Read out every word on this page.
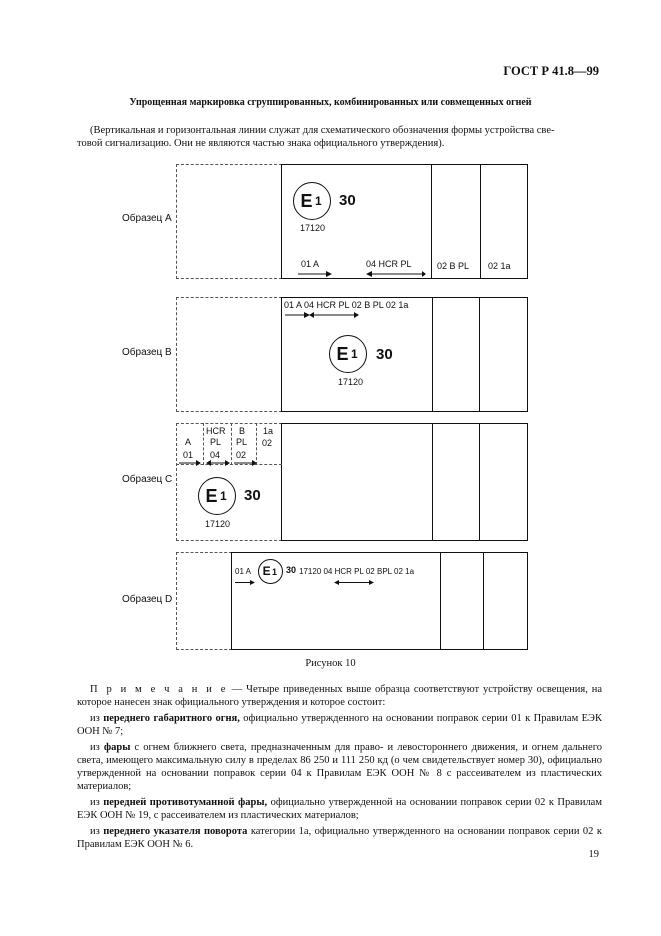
ГОСТ Р 41.8—99
Упрощенная маркировка сгруппированных, комбинированных или совмещенных огней
(Вертикальная и горизонтальная линии служат для схематического обозначения формы устройства све-
товой сигнализацию. Они не являются частью знака официального утверждения).
Образец А
E 1 30
17120
01 A	04 HCR PL	02 B PL 02 1a
Образец В
01 A 04 HCR PL 02 B PL 02 1a
E 1 30
17120
Образец С
A
01
HCR
PL
04
B
PL
02
1a
02
E 1 30
17120
Образец D
01 A E 1 30 17120 04 HCR PL 02 BPL 02 1a
Рисунок 10

П р и м е ч а н и е — Четыре приведенных выше образца соответствуют устройству освещения, на которое нанесен знак официального утверждения и которое состоит:

из переднего габаритного огня, официально утвержденного на основании поправок серии 01 к Правилам ЕЭК ООН № 7;

из фары с огнем ближнего света, предназначенным для право- и левостороннего движения, и огнем дальнего света, имеющего максимальную силу в пределах 86 250 и 111 250 кд (о чем свидетельствует номер 30), официально утвержденной на основании поправок серии 04 к Правилам ЕЭК ООН № 8 с рассеивателем из пластических материалов;

из передней противотуманной фары, официально утвержденной на основании поправок серии 02 к Правилам ЕЭК ООН № 19, с рассеивателем из пластических материалов;

из переднего указателя поворота категории 1a, официально утвержденного на основании поправок серии 02 к Правилам ЕЭК ООН № 6.

19
